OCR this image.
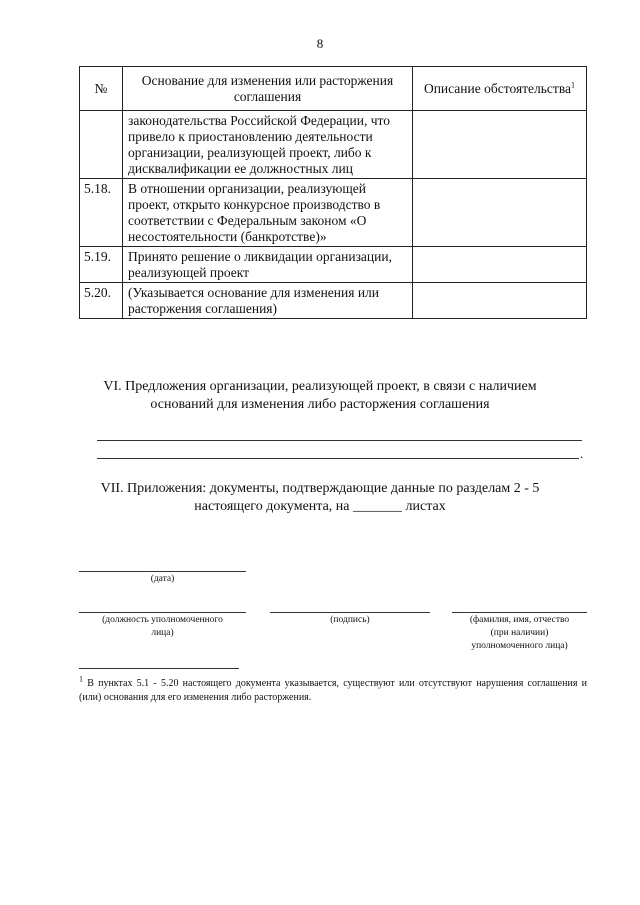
8
№	Основание для изменения или расторжения соглашения	Описание обстоятельства$^1$
	законодательства Российской Федерации, что привело к приостановлению деятельности организации, реализующей проект, либо к дисквалификации ее должностных лиц	
5.18.	В отношении организации, реализующей проект, открыто конкурсное производство в соответствии с Федеральным законом «О несостоятельности (банкротстве)»	
5.19.	Принято решение о ликвидации организации, реализующей проект	
5.20.	(Указывается основание для изменения или расторжения соглашения)	
VI. Предложения организации, реализующей проект, в связи с наличием
оснований для изменения либо расторжения соглашения
.
VII. Приложения: документы, подтверждающие данные по разделам 2 - 5
настоящего документа, на _______ листах
(дата)
(должность уполномоченного
лица)
(подпись)	(фамилия, имя, отчество
(при наличии)
уполномоченного лица)
$^1$ В пунктах 5.1 - 5.20 настоящего документа указывается, существуют или отсутствуют нарушения соглашения и (или) основания для его изменения либо расторжения.
